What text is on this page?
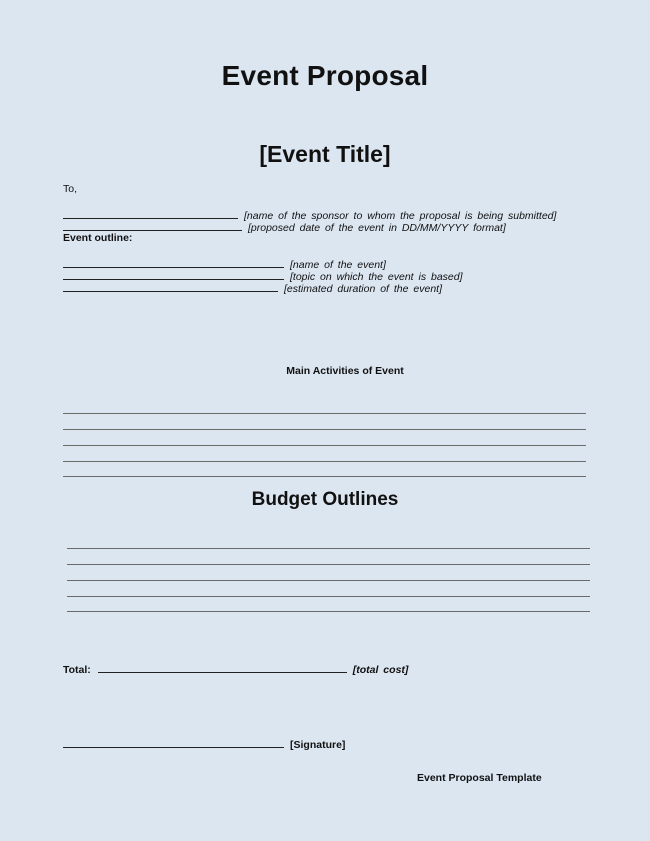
Event Proposal
[Event Title]
To,
[name of the sponsor to whom the proposal is being submitted]
[proposed date of the event in DD/MM/YYYY format]
Event outline:
[name of the event]
[topic on which the event is based]
[estimated duration of the event]
Main Activities of Event
Budget Outlines
Total:	[total cost]
[Signature]
Event Proposal Template
